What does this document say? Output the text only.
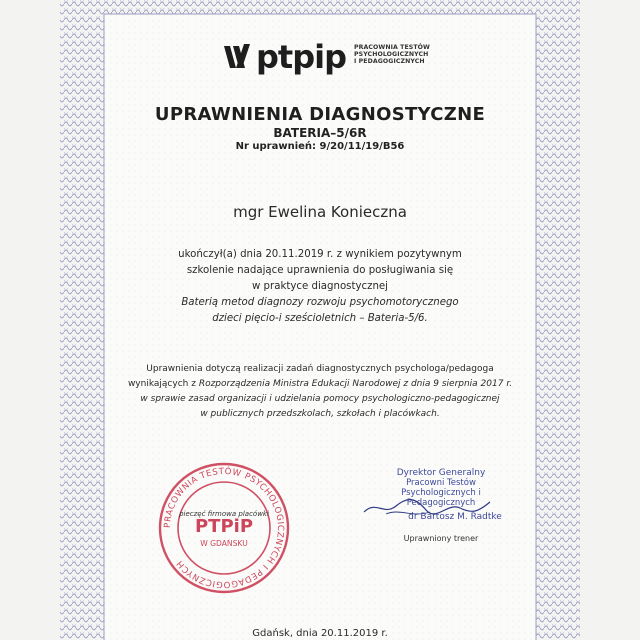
ptpip PRACOWNIA TESTÓW
PSYCHOLOGICZNYCH
I PEDAGOGICZNYCH
UPRAWNIENIA DIAGNOSTYCZNE
BATERIA–5/6R
Nr uprawnień: 9/20/11/19/B56
mgr Ewelina Konieczna
ukończył(a) dnia 20.11.2019 r. z wynikiem pozytywnym
szkolenie nadające uprawnienia do posługiwania się
w praktyce diagnostycznej
Baterią metod diagnozy rozwoju psychomotorycznego
dzieci pięcio-i sześcioletnich – Bateria-5/6.
Uprawnienia dotyczą realizacji zadań diagnostycznych psychologa/pedagoga
wynikających z Rozporządzenia Ministra Edukacji Narodowej z dnia 9 sierpnia 2017 r.
w sprawie zasad organizacji i udzielania pomocy psychologiczno-pedagogicznej
w publicznych przedszkolach, szkołach i placówkach.
PRACOWNIA TESTÓW PSYCHOLOGICZNYCH I PEDAGOGICZNYCH
PTPiP
W GDAŃSKU
pieczęć firmowa placówki
Dyrektor Generalny
Pracowni Testów
Psychologicznych i Pedagogicznych
dr Bartosz M. Radtke
Uprawniony trener
Gdańsk, dnia 20.11.2019 r.
